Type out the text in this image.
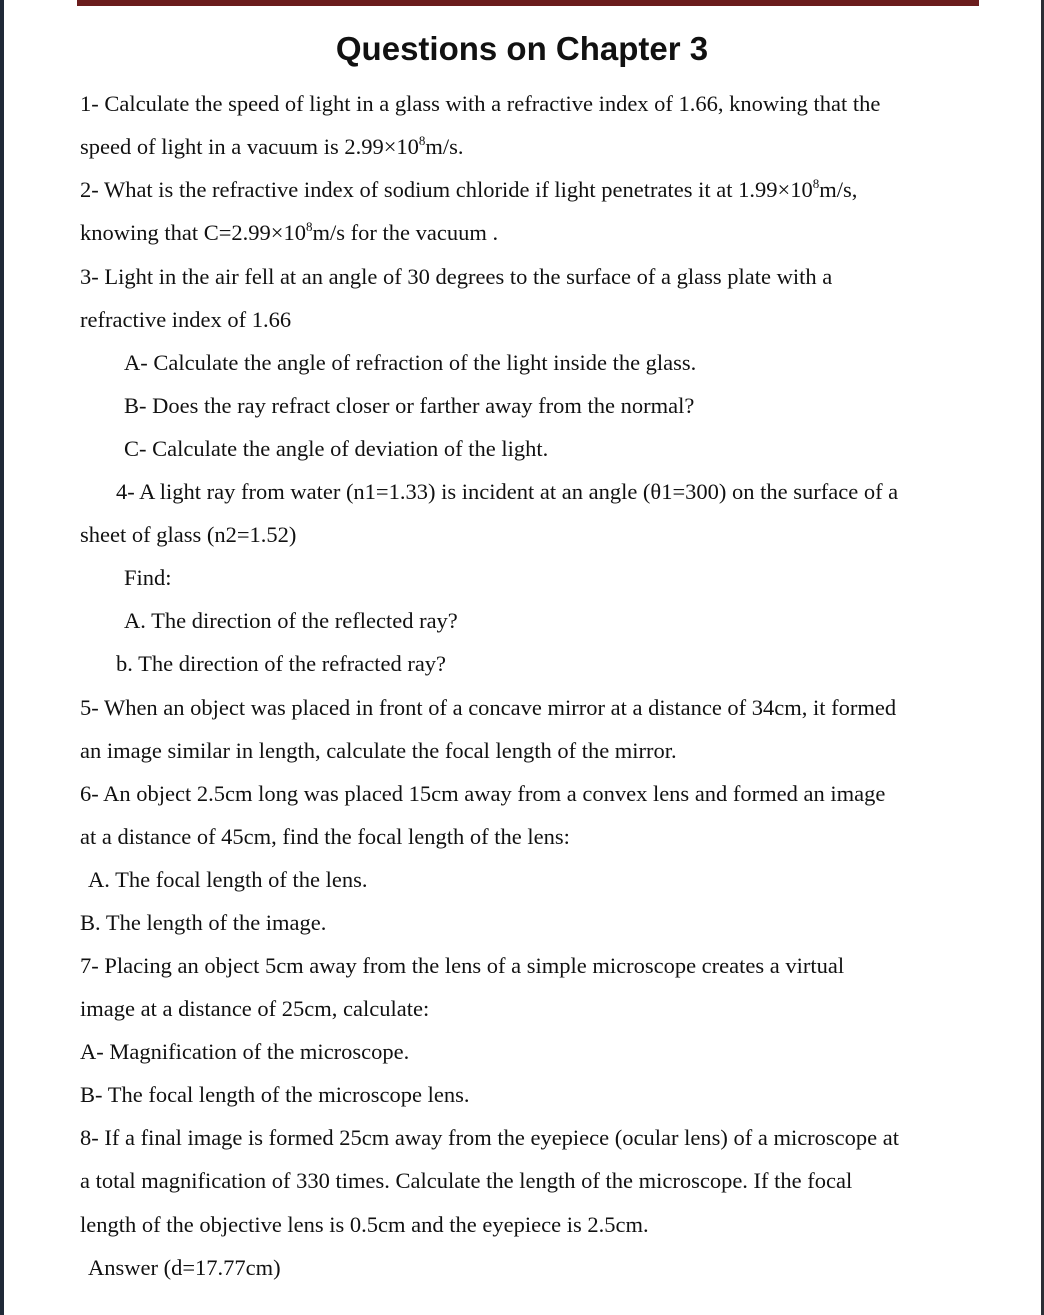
Questions on Chapter 3
1- Calculate the speed of light in a glass with a refractive index of 1.66, knowing that the
speed of light in a vacuum is $2.99\times 10^8m/s$.
2- What is the refractive index of sodium chloride if light penetrates it at $1.99\times 10^8m/s$,
knowing that $C=2.99\times 10^8m/s$ for the vacuum .
3- Light in the air fell at an angle of 30 degrees to the surface of a glass plate with a
refractive index of 1.66
A- Calculate the angle of refraction of the light inside the glass.
B- Does the ray refract closer or farther away from the normal?
C- Calculate the angle of deviation of the light.
4- A light ray from water (n1=1.33) is incident at an angle (θ1=300) on the surface of a
sheet of glass (n2=1.52)
Find:
A. The direction of the reflected ray?
b. The direction of the refracted ray?
5- When an object was placed in front of a concave mirror at a distance of 34cm, it formed
an image similar in length, calculate the focal length of the mirror.
6- An object 2.5cm long was placed 15cm away from a convex lens and formed an image
at a distance of 45cm, find the focal length of the lens:
A. The focal length of the lens.
B. The length of the image.
7- Placing an object 5cm away from the lens of a simple microscope creates a virtual
image at a distance of 25cm, calculate:
A- Magnification of the microscope.
B- The focal length of the microscope lens.
8- If a final image is formed 25cm away from the eyepiece (ocular lens) of a microscope at
a total magnification of 330 times. Calculate the length of the microscope. If the focal
length of the objective lens is 0.5cm and the eyepiece is 2.5cm.
Answer (d=17.77cm)
